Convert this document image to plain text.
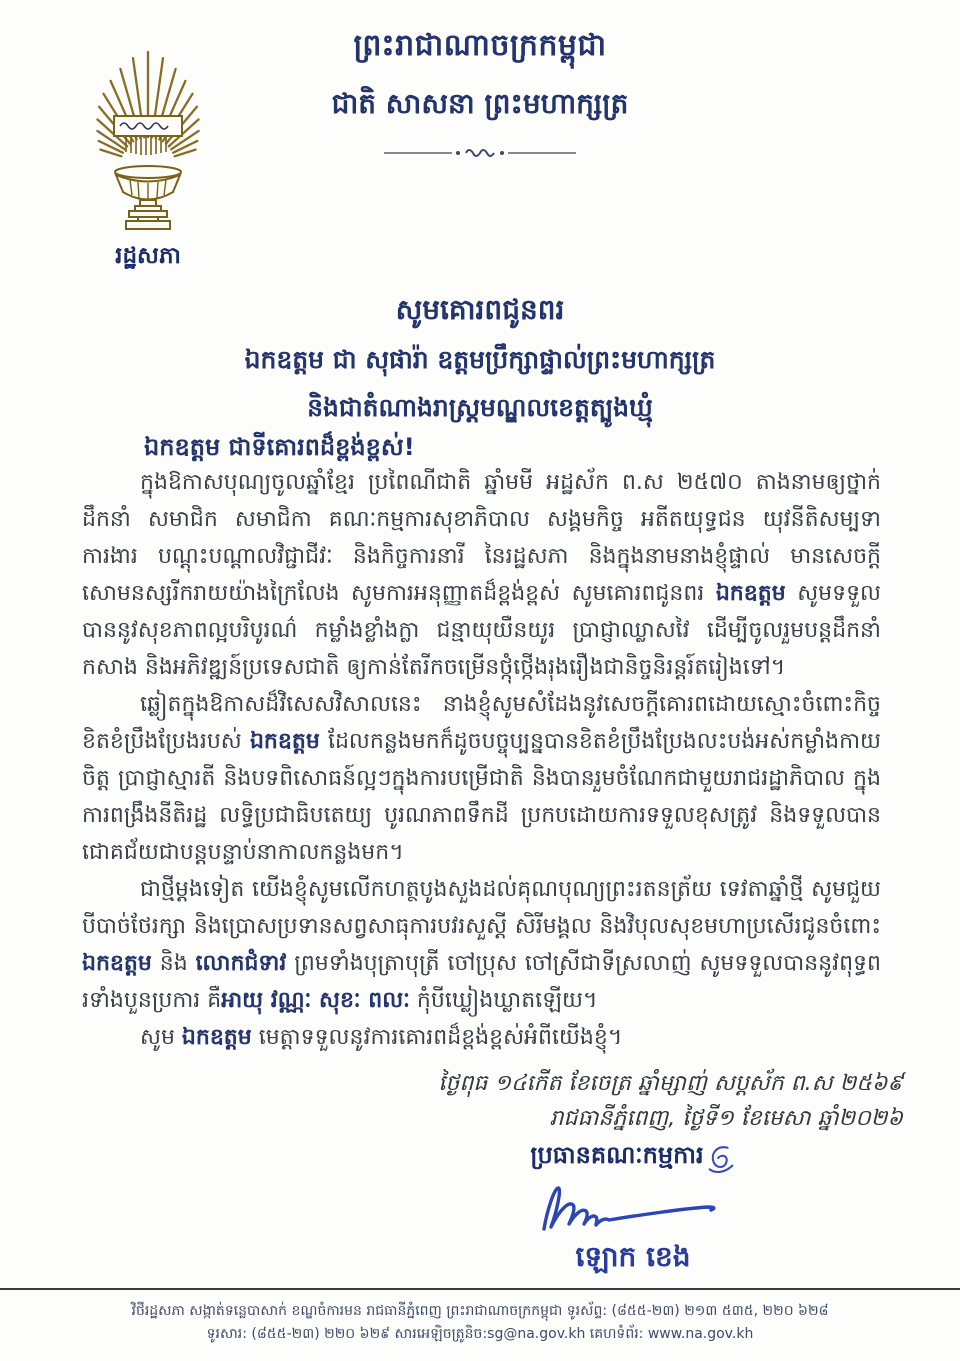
រដ្ឋសភា
ព្រះរាជាណាចក្រកម្ពុជា
ជាតិ សាសនា ព្រះមហាក្សត្រ
សូមគោរពជូនពរ
ឯកឧត្តម ជា សុផារ៉ា ឧត្តមប្រឹក្សាផ្ទាល់ព្រះមហាក្សត្រ
និងជាតំណាងរាស្រ្តមណ្ឌលខេត្តត្បូងឃ្មុំ
ឯកឧត្តម ជាទីគោរពដ៏ខ្ពង់ខ្ពស់!

ក្នុងឱកាសបុណ្យចូលឆ្នាំខ្មែរ ប្រពៃណីជាតិ ឆ្នាំមមី អដ្ឋស័ក ព.ស ២៥៧០ តាងនាមឲ្យថ្នាក់ដឹកនាំ សមាជិក សមាជិកា គណៈកម្មការសុខាភិបាល សង្គមកិច្ច អតីតយុទ្ធជន យុវនីតិសម្បទា ការងារ បណ្តុះបណ្តាលវិជ្ជាជីវៈ និងកិច្ចការនារី នៃរដ្ឋសភា និងក្នុងនាមនាងខ្ញុំផ្ទាល់ មានសេចក្តីសោមនស្សរីករាយយ៉ាងក្រៃលែង សូមការអនុញ្ញាតដ៏ខ្ពង់ខ្ពស់ សូមគោរពជូនពរ ឯកឧត្តម សូមទទួលបាននូវសុខភាពល្អបរិបូរណ៌ កម្លាំងខ្លាំងក្លា ជន្មាយុយឺនយូរ ប្រាជ្ញាឈ្លាសវៃ ដើម្បីចូលរួមបន្តដឹកនាំកសាង និងអភិវឌ្ឍន៍ប្រទេសជាតិ ឲ្យកាន់តែរីកចម្រើនថ្កុំថ្កើងរុងរឿងជានិច្ចនិរន្តរ៍តរៀងទៅ។

ឆ្លៀតក្នុងឱកាសដ៏វិសេសវិសាលនេះ នាងខ្ញុំសូមសំដែងនូវសេចក្តីគោរពដោយស្មោះចំពោះកិច្ចខិតខំប្រឹងប្រែងរបស់ ឯកឧត្តម ដែលកន្លងមកក៏ដូចបច្ចុប្បន្នបានខិតខំប្រឹងប្រែងលះបង់អស់កម្លាំងកាយចិត្ត ប្រាជ្ញាស្មារតី និងបទពិសោធន៍ល្អៗក្នុងការបម្រើជាតិ និងបានរួមចំណែកជាមួយរាជរដ្ឋាភិបាល ក្នុងការពង្រឹងនីតិរដ្ឋ លទ្ធិប្រជាធិបតេយ្យ បូរណភាពទឹកដី ប្រកបដោយការទទួលខុសត្រូវ និងទទួលបានជោគជ័យជាបន្តបន្ទាប់នាកាលកន្លងមក។

ជាថ្មីម្តងទៀត យើងខ្ញុំសូមលើកហត្ថបូងសួងដល់គុណបុណ្យព្រះរតនត្រ័យ ទេវតាឆ្នាំថ្មី សូមជួយបីបាច់ថែរក្សា និងប្រោសប្រទានសព្វសាធុការបវរសួស្តី សិរីមង្គល និងវិបុលសុខមហាប្រសើរជូនចំពោះ ឯកឧត្តម និង លោកជំទាវ ព្រមទាំងបុត្រាបុត្រី ចៅប្រុស ចៅស្រីជាទីស្រលាញ់ សូមទទួលបាននូវពុទ្ធពរទាំងបួនប្រការ គឺអាយុ វណ្ណៈ សុខៈ ពលៈ កុំបីឃ្លៀងឃ្លាតឡើយ។

សូម ឯកឧត្តម មេត្តាទទួលនូវការគោរពដ៏ខ្ពង់ខ្ពស់អំពីយើងខ្ញុំ។

ថ្ងៃពុធ ១៤កើត ខែចេត្រ ឆ្នាំម្សាញ់ សប្តស័ក ព.ស ២៥៦៩
រាជធានីភ្នំពេញ, ថ្ងៃទី១ ខែមេសា ឆ្នាំ២០២៦
ប្រធានគណៈកម្មការ
ឡោក ខេង
វិថីរដ្ឋសភា សង្កាត់ទន្លេបាសាក់ ខណ្ឌចំការមន រាជធានីភ្នំពេញ ព្រះរាជាណាចក្រកម្ពុជា ទូរស័ព្ទ: (៨៥៥-២៣) ២១៣ ៥៣៥, ២២០ ៦២៨
ទូរសារ: (៨៥៥-២៣) ២២០ ៦២៩ សារអេឡិចត្រូនិច:sg@na.gov.kh គេហទំព័រ: www.na.gov.kh
